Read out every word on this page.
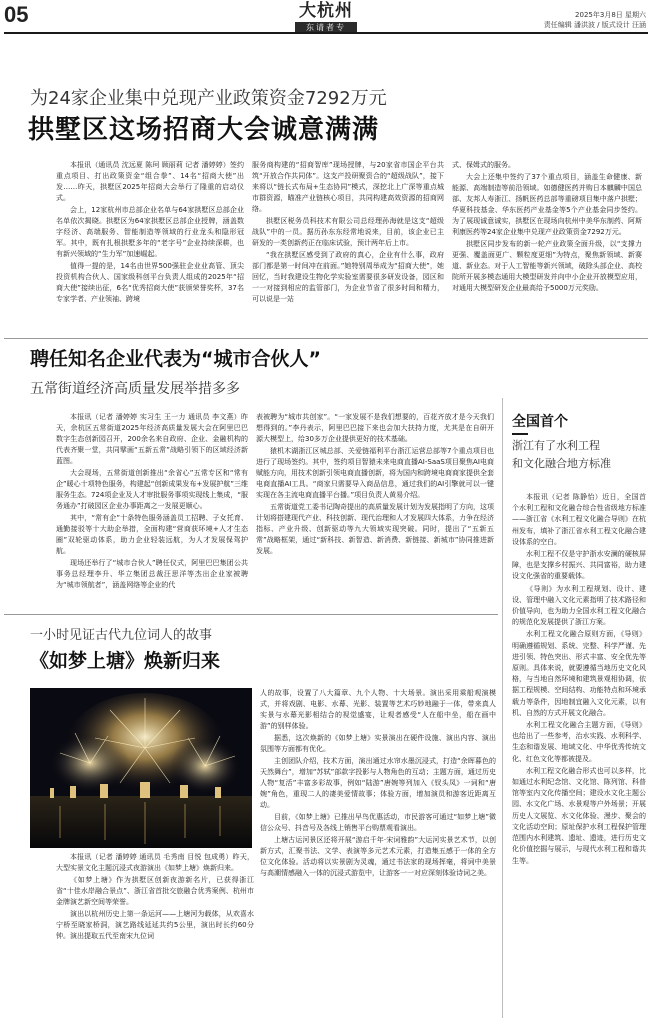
05	大杭州
东请者专
2025年3月8日 星期六
责任编辑 潘洪波 / 版式设计 汪涵
为24家企业集中兑现产业政策资金7292万元
拱墅区这场招商大会诚意满满

本报讯（通讯员 沈远夏 陈珂 顾丽莉 记者 潘婷婷）签约重点项目、打出政策资金“组合拳”、14名“招商大使”出发……昨天，拱墅区2025年招商大会举行了隆重的启动仪式。

会上，12家杭州市总部企业名单与64家拱墅区总部企业名单依次揭晓。拱墅区为64家拱墅区总部企业授牌，涵盖数字经济、高端服务、智能制造等领域的行业龙头和隐形冠军。其中，既有扎根拱墅多年的“老字号”企业持续深耕，也有新兴领域的“生力军”加速崛起。

值得一提的是，14名由世界500强驻企业业高管、顶尖投资机构合伙人、国家级科创平台负责人组成的2025年“招商大使”接续出征，6名“优秀招商大使”获颁荣誉奖杯，37名专家学者、产业领袖、跨境

服务商构建的“招商智库”现场授牌，与20家省市国企平台共筑“开放合作共同体”。这支产投研聚资合的“超级战队”，接下来将以“链长式布局+生态协同”模式，深挖北上广深等重点城市群资源，瞄准产业链核心项目，共同构建高效资源的招商网络。

拱墅区税务员科技术有限公司总经理孙海就是这支“超级战队”中的一员。据历孙东东经常地说来，目前，该企业已主研发的一类创新药正在临床试验，预计两年后上市。

“我在拱墅区感受到了政府的真心，企业有什么事，政府部门都是第一时间冲在前面。”她特别周举成为“招商大使”，她回忆，当时我建设生物化学实验室需要很多研发设备，园区和一一对接到相应的监管部门，为企业节省了很多时间和精力，可以说是一站

式、保姆式的服务。

大会上还集中签约了37个重点项目，涵盖生命健康、新能源、高端制造等前沿领域。如德健医药并购日本麒麟中国总部、友邦人寿浙江、扬帆医药总部等重磅项目集中落户拱墅；华夏科技基金、华东医药产业基金等5个产业基金同步签约。为了展现诚意诚实，拱墅区在现场向杭州中美华东制药、阿斯利康医药等24家企业集中兑现产业政策资金7292万元。

拱墅区同步发布的新一轮产业政策全面升级，以“支撑力更强、覆盖面更广、颗粒度更细”为特点，聚焦新领域、新赛道、新业态。对于人工智能等新兴领域，破除头部企业、高校院所开展多模态通用大模型研发并向中小企业开放模型应用，对通用大模型研发企业最高给予5000万元奖励。

聘任知名企业代表为“城市合伙人”
五常街道经济高质量发展举措多多

本报讯（记者 潘婷婷 实习生 王一力 通讯员 李文燕）昨天，余杭区五常街道2025年经济高质量发展大会在阿里巴巴数字生态创新园召开，200余名来自政府、企业、金融机构的代表齐聚一堂，共同擘画“五新五常”战略引领下的区域经济新蓝图。

大会现场，五常街道创新推出“余省心”五常专区和“常有企”暖心十项特色服务，构建起“创新成果发布+发展护航”三维服务生态。724项企业及人才审批服务事项实现线上集成，“服务通办”打破园区企业办事距离之一发展更顺心。

其中，“常有企”十条特色服务涵盖员工招聘、子女托育、通勤接驳等十大助企举措，全面构建“营商获环境+人才生态圈”双轮驱动体系，助力企业轻装远航，为人才发展保驾护航。

现场还举行了“城市合伙人”聘任仪式，阿里巴巴集团公共事务总经理李升、华立集团总裁汪思洋等杰出企业家被聘为“城市领航者”，涵盖网络等企业的代

表被聘为“城市共创家”。“一家发展不是我们想要的，百花齐放才是今天我们想得到的。”李丹表示，阿里巴巴接下来也会加大扶持力度，尤其是在自研开源大模型上，给30多万企业提供更好的技术基础。

猿机木湖浙江区城总部、关爱链福利平台浙江运营总部等7个重点项目也进行了现场签约。其中，签约项目智猿未来电商直播AI-SaaS项目聚焦AI电商赋能方向，用技术创新引领电商直播创新，将为国内和跨境电商商家提供全套电商直播AI工具。“商家只需要导入商品信息，通过我们的AI引擎就可以一键实现在各主流电商直播平台播。”项目负责人黄易介绍。

五常街道党工委书记陶奇提出的高质量发展计划为发展指明了方向，这项计划将搭建现代产业、科技创新、现代治理和人才发展四大体系，力争在经济指标、产业升级、创新驱动等九大领域实现突破。同时，提出了“五新五常”战略框架，通过“新科技、新智造、新消费、新链接、新城市”协同推进新发展。

全国首个
浙江有了水利工程
和文化融合地方标准

本报讯（记者 陈静怡）近日，全国首个水利工程和文化融合综合性省级地方标准——浙江省《水利工程文化融合导则》在杭州发布，填补了浙江省水利工程文化融合建设体系的空白。

水利工程不仅是守护浙水安澜的硬核屏障，也是支撑乡村振兴、共同富裕，助力建设文化强省的重要载体。

《导则》为水利工程规划、设计、建设、管理中融入文化元素指明了技术路径和价值导向，也为助力全国水利工程文化融合的规范化发展提供了浙江方案。

水利工程文化融合原则方面，《导则》明确遵循规划、系统、完整、科学严谨、先进引领、特色突出、形式丰富、安全优先等原则。具体来说，就要遵循当地历史文化风格，与当地自然环境和建筑景观相协调，依据工程规模、空间结构、功能特点和环境承载力等条件，因地制宜融入文化元素，以有机、自然的方式开展文化融合。

水利工程文化融合主题方面，《导则》也给出了一些参考，治水实践、水利科学、生态和谐发展、地域文化、中华优秀传统文化、红色文化等都被提及。

水利工程文化融合形式也可以多样，比如通过水利纪念馆、文化馆、陈列馆、科普馆等室内文化传播空间；建设水文化主题公园、水文化广场、水景观等户外场景；开展历史人文展览、水文化体验、漫步、聚会的文化活动空间；原址保护水利工程保护管理范围内水利建筑、遗址、遗迹，进行历史文化价值挖掘与展示，与现代水利工程和谐共生等。

一小时见证古代九位词人的故事
《如梦上塘》焕新归来

本报讯（记者 潘婷婷 通讯员 毛秀南 目悦 包成勇）昨天，大型实景文化主题沉浸式夜游演出《如梦上塘》焕新归来。

《如梦上塘》作为拱墅区创新夜游新名片，已获得浙江省“十佳水岸融合景点”、浙江省首批交旅融合优秀案例、杭州市金牌演艺新空间等荣誉。

演出以杭州历史上第一条运河——上塘河为载体，从欢喜水宁桥至晓家桥洞，演艺路线延延共约5公里，演出时长约60分钟。演出提取五代至南宋九位词

人的故事，设置了八大篇章、九个人物、十大场景。演出采用乘船观演模式，并将戏剧、电影、水幕、光影、装置等艺术巧妙地融于一体，带来真人实景与水幕光影相结合的视觉盛宴，让观者感受“人在船中坐，船在画中游”的别样体验。

据悉，这次焕新的《如梦上塘》实景演出在硬件设施、演出内容、演出氛围等方面都有优化。

主创团队介绍，技术方面，演出通过水帘水墨沉浸式，打造“余晖暮色的天然舞台”，增加“苏轼”部款字投影与人物角色的互动；主题方面，通过历史人物“复活”丰富多彩故事，例如“陆游”唐婉等列加入《钗头凤》一词和“唐婉”角色，重现二人的凄美爱情故事；体验方面，增加演员和游客近距离互动。

目前，《如梦上塘》已推出早鸟优惠活动，市民游客可通过“如梦上塘”微信公众号、抖音号及各线上销售平台购票观看演出。

上塘古运河景区还将开展“游启千年·宋词雅韵”大运河实景艺术节，以创新方式，汇聚书法、文学、表演等多元艺术元素，打造集五感于一体的全方位文化体验。活动将以实景剧为灵魂，通过书法家的现场挥毫，将词中美景与高潮情感融入一体的沉浸式游览中，让游客一一对应深刻体验诗词之美。
